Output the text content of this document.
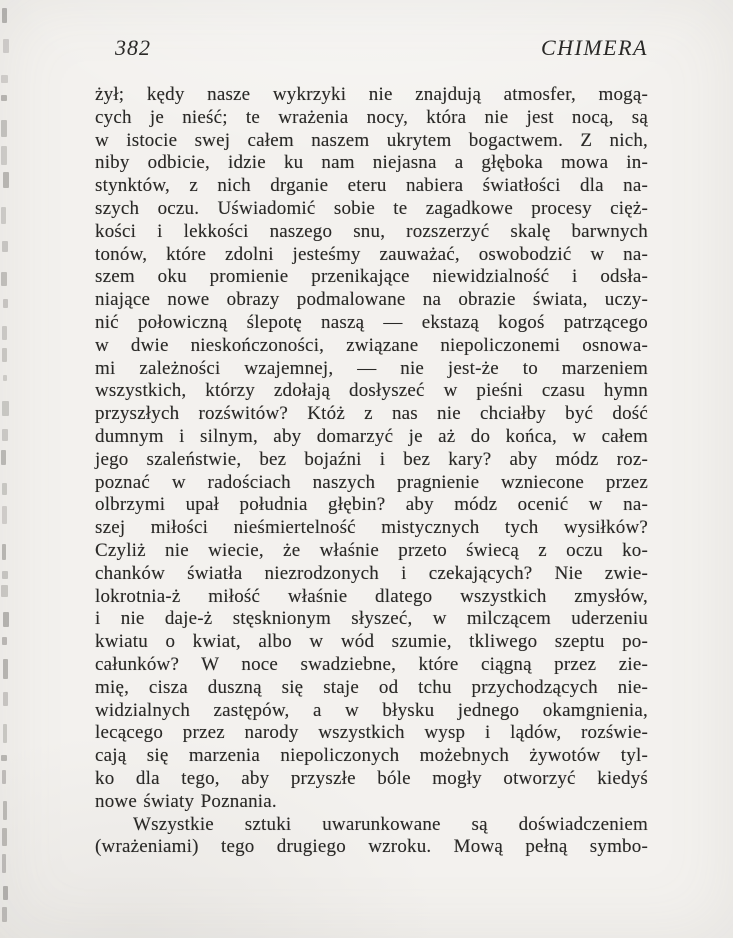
382	CHIMERA
żył; kędy nasze wykrzyki nie znajdują atmosfer, mogą-
cych je nieść; te wrażenia nocy, która nie jest nocą, są
w istocie swej całem naszem ukrytem bogactwem. Z nich,
niby odbicie, idzie ku nam niejasna a głęboka mowa in-
stynktów, z nich drganie eteru nabiera światłości dla na-
szych oczu. Uświadomić sobie te zagadkowe procesy cięż-
kości i lekkości naszego snu, rozszerzyć skalę barwnych
tonów, które zdolni jesteśmy zauważać, oswobodzić w na-
szem oku promienie przenikające niewidzialność i odsła-
niające nowe obrazy podmalowane na obrazie świata, uczy-
nić połowiczną ślepotę naszą — ekstazą kogoś patrzącego
w dwie nieskończoności, związane niepoliczonemi osnowa-
mi zależności wzajemnej, — nie jest-że to marzeniem
wszystkich, którzy zdołają dosłyszeć w pieśni czasu hymn
przyszłych rozświtów? Któż z nas nie chciałby być dość
dumnym i silnym, aby domarzyć je aż do końca, w całem
jego szaleństwie, bez bojaźni i bez kary? aby módz roz-
poznać w radościach naszych pragnienie wzniecone przez
olbrzymi upał południa głębin? aby módz ocenić w na-
szej miłości nieśmiertelność mistycznych tych wysiłków?
Czyliż nie wiecie, że właśnie przeto świecą z oczu ko-
chanków światła niezrodzonych i czekających? Nie zwie-
lokrotnia-ż miłość właśnie dlatego wszystkich zmysłów,
i nie daje-ż stęsknionym słyszeć, w milczącem uderzeniu
kwiatu o kwiat, albo w wód szumie, tkliwego szeptu po-
całunków? W noce swadziebne, które ciągną przez zie-
mię, cisza duszną się staje od tchu przychodzących nie-
widzialnych zastępów, a w błysku jednego okamgnienia,
lecącego przez narody wszystkich wysp i lądów, rozświe-
cają się marzenia niepoliczonych możebnych żywotów tyl-
ko dla tego, aby przyszłe bóle mogły otworzyć kiedyś
nowe światy Poznania.
Wszystkie sztuki uwarunkowane są doświadczeniem
(wrażeniami) tego drugiego wzroku. Mową pełną symbo-
